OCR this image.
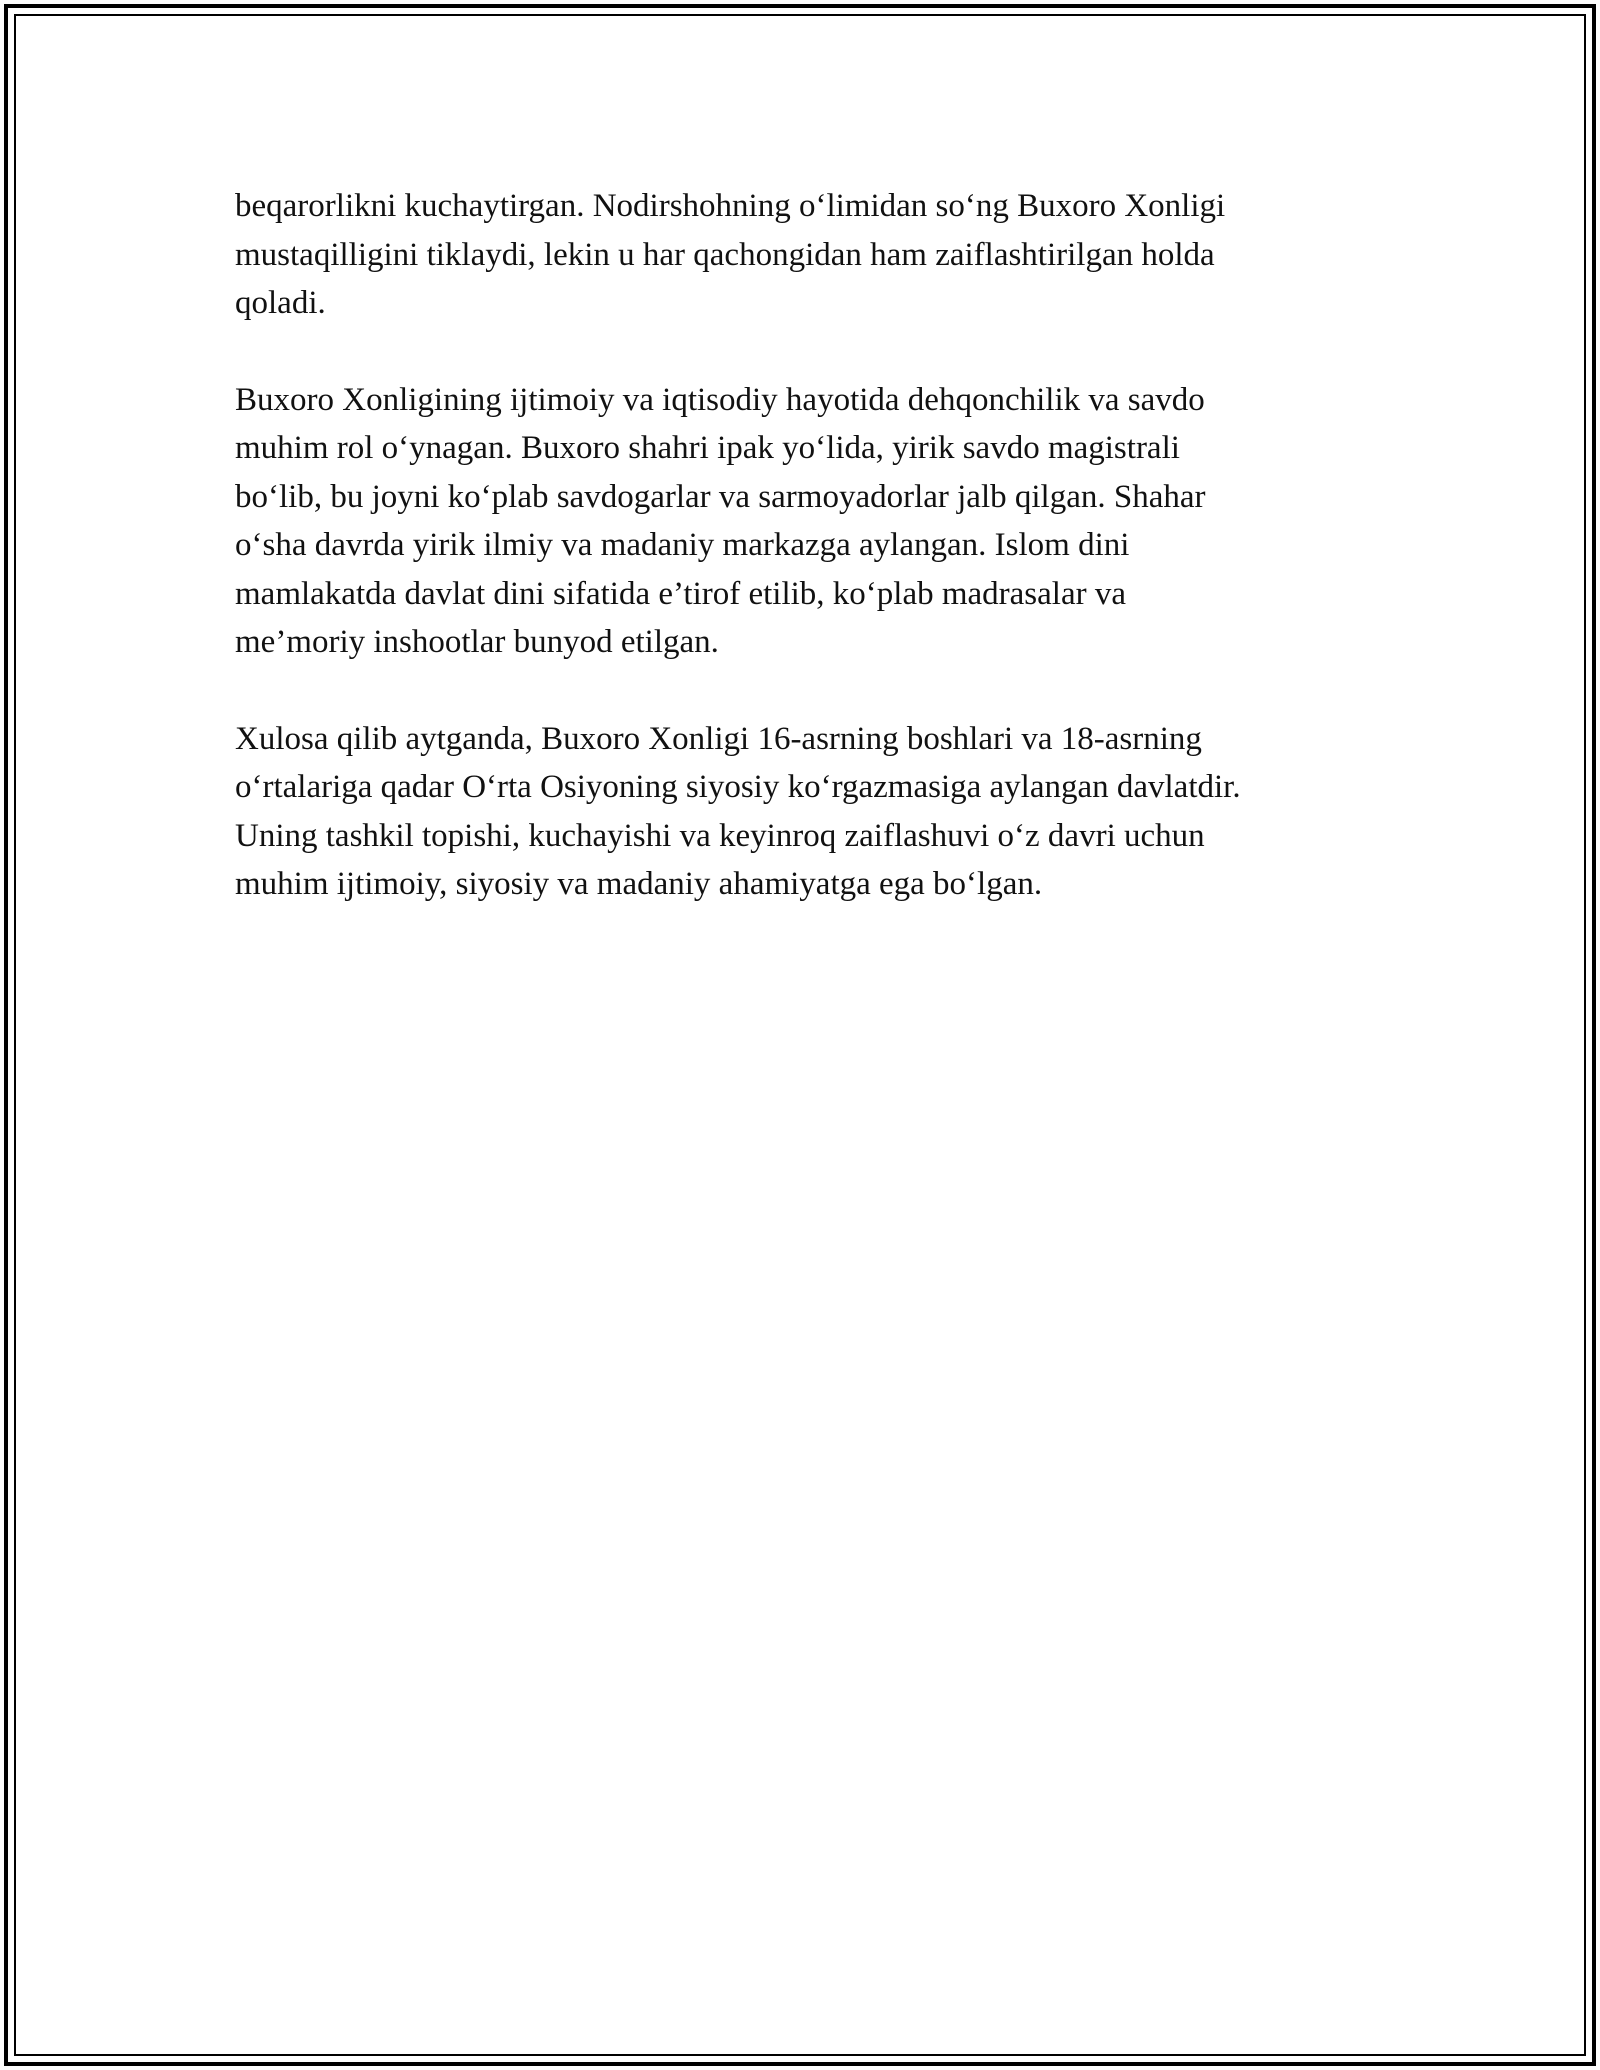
beqarorlikni kuchaytirgan. Nodirshohning o‘limidan so‘ng Buxoro Xonligi
mustaqilligini tiklaydi, lekin u har qachongidan ham zaiflashtirilgan holda
qoladi.

Buxoro Xonligining ijtimoiy va iqtisodiy hayotida dehqonchilik va savdo
muhim rol o‘ynagan. Buxoro shahri ipak yo‘lida, yirik savdo magistrali
bo‘lib, bu joyni ko‘plab savdogarlar va sarmoyadorlar jalb qilgan. Shahar
o‘sha davrda yirik ilmiy va madaniy markazga aylangan. Islom dini
mamlakatda davlat dini sifatida e’tirof etilib, ko‘plab madrasalar va
me’moriy inshootlar bunyod etilgan.

Xulosa qilib aytganda, Buxoro Xonligi 16-asrning boshlari va 18-asrning
o‘rtalariga qadar O‘rta Osiyoning siyosiy ko‘rgazmasiga aylangan davlatdir.
Uning tashkil topishi, kuchayishi va keyinroq zaiflashuvi o‘z davri uchun
muhim ijtimoiy, siyosiy va madaniy ahamiyatga ega bo‘lgan.
